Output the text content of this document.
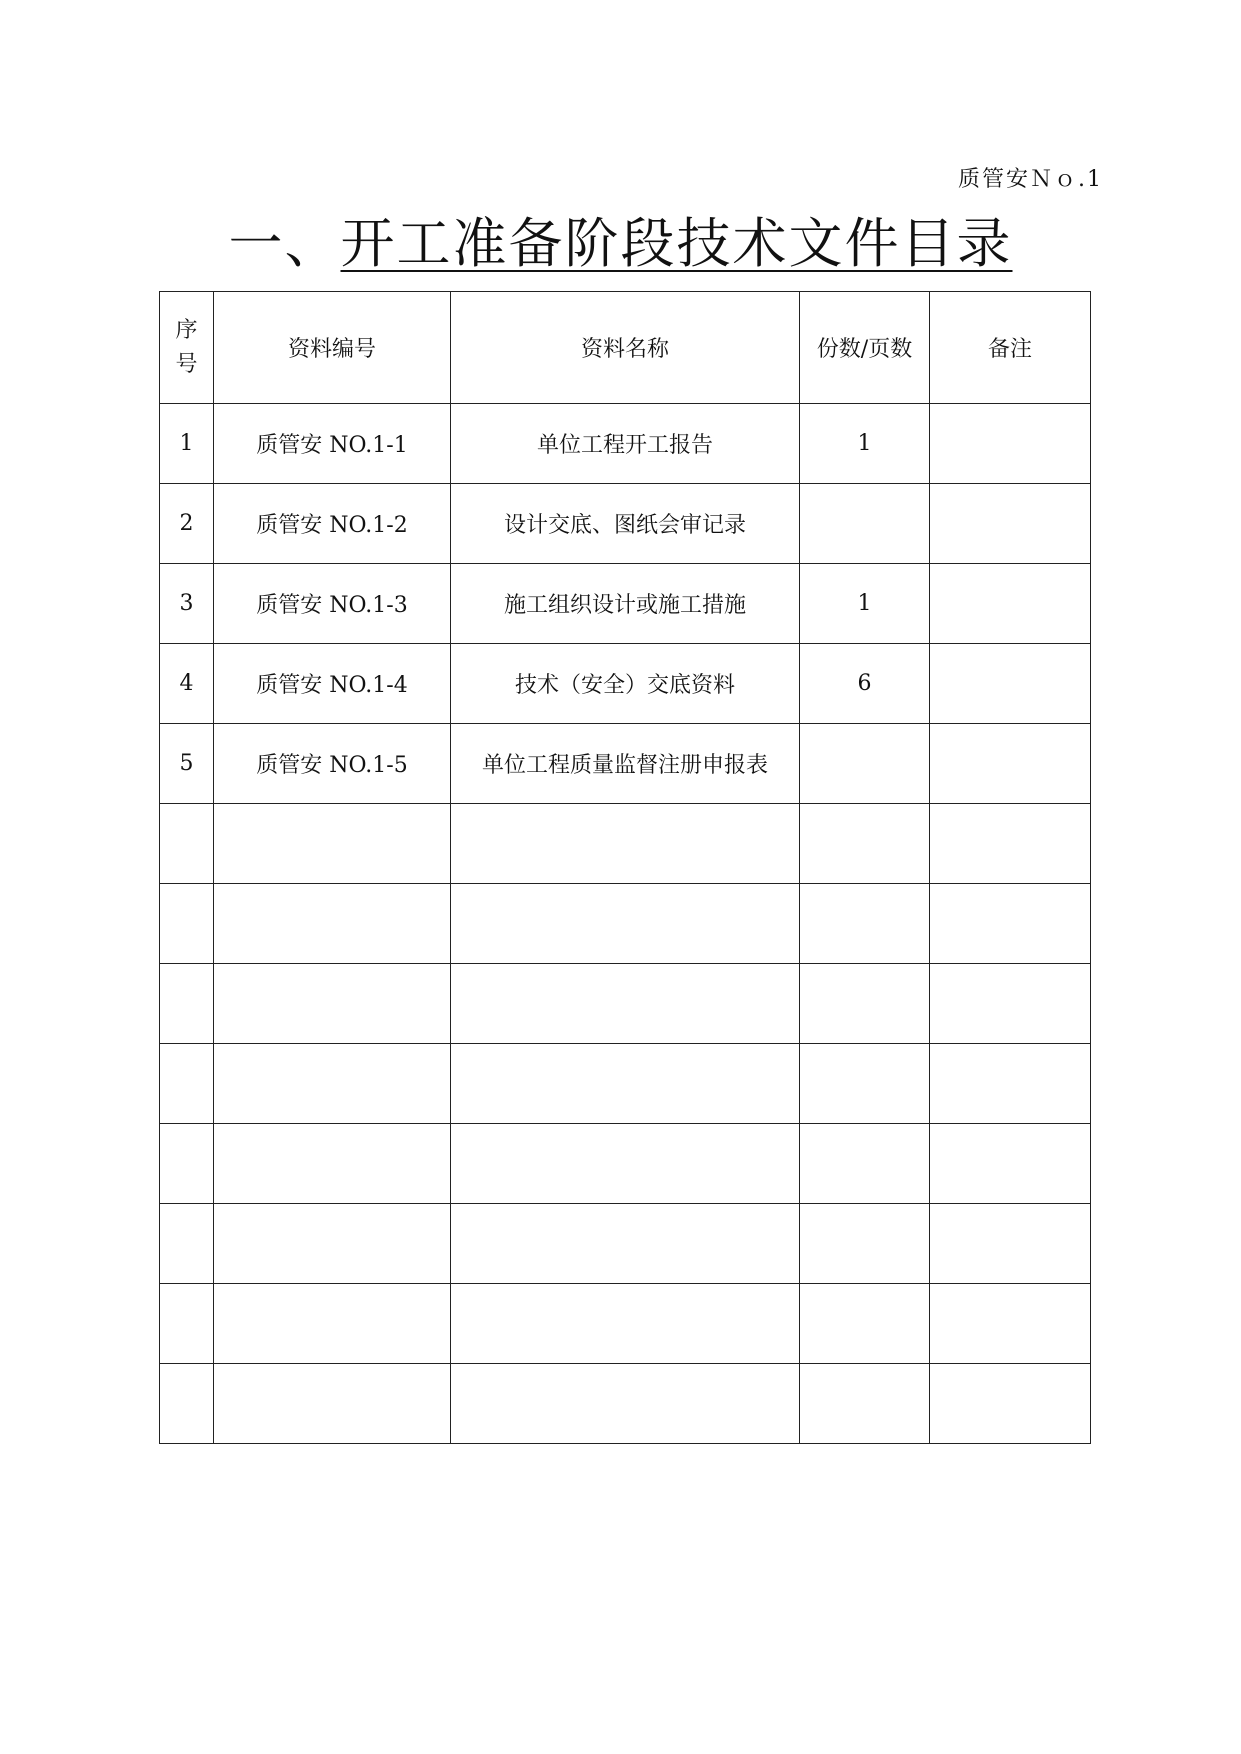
质管安Ｎｏ.1
一、开工准备阶段技术文件目录
序号	资料编号	资料名称	份数/页数	备注
1	质管安 NO.1-1	单位工程开工报告	1	
2	质管安 NO.1-2	设计交底、图纸会审记录		
3	质管安 NO.1-3	施工组织设计或施工措施	1	
4	质管安 NO.1-4	技术（安全）交底资料	6	
5	质管安 NO.1-5	单位工程质量监督注册申报表		
